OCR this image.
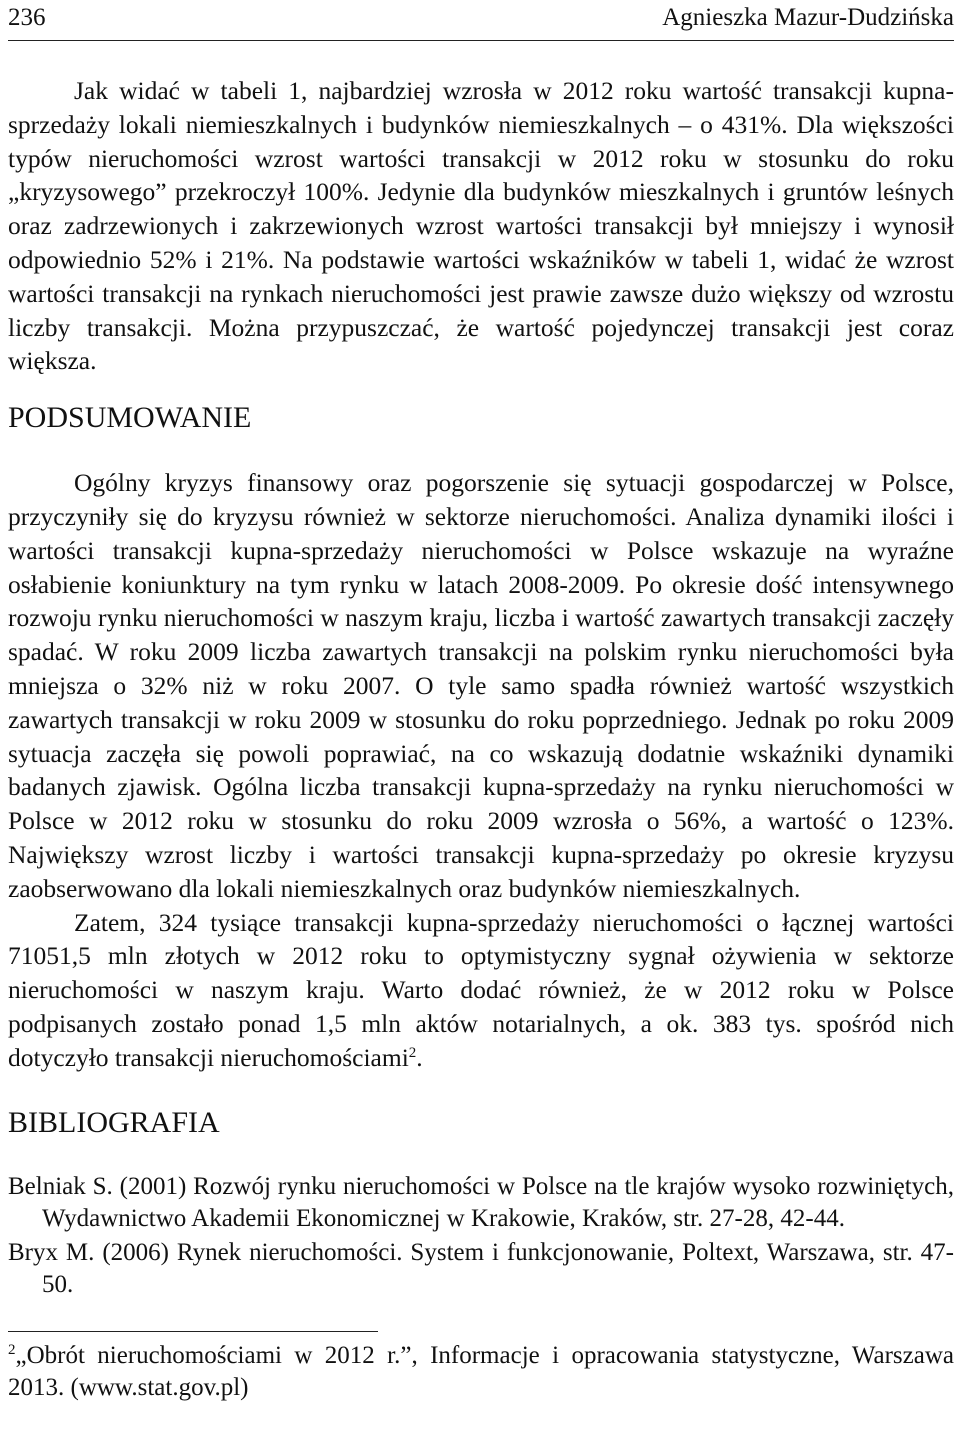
236	Agnieszka Mazur-Dudzińska

Jak widać w tabeli 1, najbardziej wzrosła w 2012 roku wartość transakcji kupna-sprzedaży lokali niemieszkalnych i budynków niemieszkalnych – o 431%. Dla większości typów nieruchomości wzrost wartości transakcji w 2012 roku w stosunku do roku „kryzysowego” przekroczył 100%. Jedynie dla budynków mieszkalnych i gruntów leśnych oraz zadrzewionych i zakrzewionych wzrost wartości transakcji był mniejszy i wynosił odpowiednio 52% i 21%. Na podstawie wartości wskaźników w tabeli 1, widać że wzrost wartości transakcji na rynkach nieruchomości jest prawie zawsze dużo większy od wzrostu liczby transakcji. Można przypuszczać, że wartość pojedynczej transakcji jest coraz większa.

PODSUMOWANIE

Ogólny kryzys finansowy oraz pogorszenie się sytuacji gospodarczej w Polsce, przyczyniły się do kryzysu również w sektorze nieruchomości. Analiza dynamiki ilości i wartości transakcji kupna-sprzedaży nieruchomości w Polsce wskazuje na wyraźne osłabienie koniunktury na tym rynku w latach 2008-2009. Po okresie dość intensywnego rozwoju rynku nieruchomości w naszym kraju, liczba i wartość zawartych transakcji zaczęły spadać. W roku 2009 liczba zawartych transakcji na polskim rynku nieruchomości była mniejsza o 32% niż w roku 2007. O tyle samo spadła również wartość wszystkich zawartych transakcji w roku 2009 w stosunku do roku poprzedniego. Jednak po roku 2009 sytuacja zaczęła się powoli poprawiać, na co wskazują dodatnie wskaźniki dynamiki badanych zjawisk. Ogólna liczba transakcji kupna-sprzedaży na rynku nieruchomości w Polsce w 2012 roku w stosunku do roku 2009 wzrosła o 56%, a wartość o 123%. Największy wzrost liczby i wartości transakcji kupna-sprzedaży po okresie kryzysu zaobserwowano dla lokali niemieszkalnych oraz budynków niemieszkalnych.

Zatem, 324 tysiące transakcji kupna-sprzedaży nieruchomości o łącznej wartości 71051,5 mln złotych w 2012 roku to optymistyczny sygnał ożywienia w sektorze nieruchomości w naszym kraju. Warto dodać również, że w 2012 roku w Polsce podpisanych zostało ponad 1,5 mln aktów notarialnych, a ok. 383 tys. spośród nich dotyczyło transakcji nieruchomościami$^2$.

BIBLIOGRAFIA

Belniak S. (2001) Rozwój rynku nieruchomości w Polsce na tle krajów wysoko rozwiniętych, Wydawnictwo Akademii Ekonomicznej w Krakowie, Kraków, str. 27-28, 42-44.

Bryx M. (2006) Rynek nieruchomości. System i funkcjonowanie, Poltext, Warszawa, str. 47-50.

$^2$„Obrót nieruchomościami w 2012 r.”, Informacje i opracowania statystyczne, Warszawa 2013. (www.stat.gov.pl)
